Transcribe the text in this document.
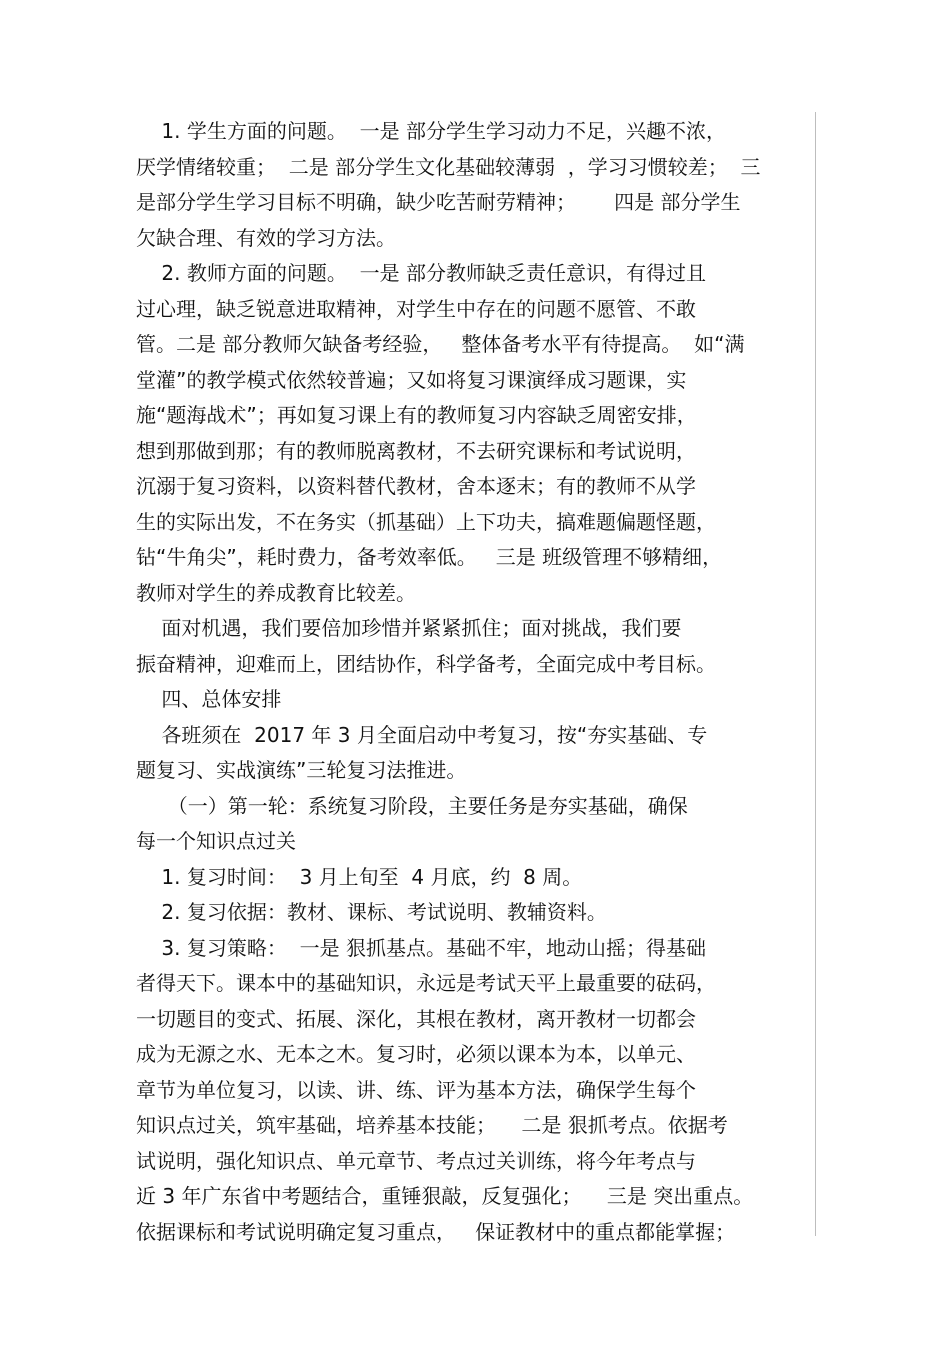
1. 学生方面的问题。  一是 部分学生学习动力不足，兴趣不浓，
厌学情绪较重；  二是 部分学生文化基础较薄弱  ，学习习惯较差；  三
是部分学生学习目标不明确，缺少吃苦耐劳精神；      四是 部分学生
欠缺合理、有效的学习方法。
2. 教师方面的问题。  一是 部分教师缺乏责任意识，有得过且
过心理，缺乏锐意进取精神，对学生中存在的问题不愿管、不敢
管。二是 部分教师欠缺备考经验，   整体备考水平有待提高。  如“满
堂灌”的教学模式依然较普遍；又如将复习课演绎成习题课，实
施“题海战术”；再如复习课上有的教师复习内容缺乏周密安排，
想到那做到那；有的教师脱离教材，不去研究课标和考试说明，
沉溺于复习资料，以资料替代教材，舍本逐末；有的教师不从学
生的实际出发，不在务实（抓基础）上下功夫，搞难题偏题怪题，
钻“牛角尖”，耗时费力，备考效率低。   三是 班级管理不够精细，
教师对学生的养成教育比较差。
面对机遇，我们要倍加珍惜并紧紧抓住；面对挑战，我们要
振奋精神，迎难而上，团结协作，科学备考，全面完成中考目标。
四、总体安排
各班须在  2017 年 3 月全面启动中考复习，按“夯实基础、专
题复习、实战演练”三轮复习法推进。
（一）第一轮：系统复习阶段，主要任务是夯实基础，确保
每一个知识点过关
1. 复习时间：  3 月上旬至  4 月底，约  8 周。
2. 复习依据：教材、课标、考试说明、教辅资料。
3. 复习策略：  一是 狠抓基点。基础不牢，地动山摇；得基础
者得天下。课本中的基础知识，永远是考试天平上最重要的砝码，
一切题目的变式、拓展、深化，其根在教材，离开教材一切都会
成为无源之水、无本之木。复习时，必须以课本为本，以单元、
章节为单位复习，以读、讲、练、评为基本方法，确保学生每个
知识点过关，筑牢基础，培养基本技能；    二是 狠抓考点。依据考
试说明，强化知识点、单元章节、考点过关训练，将今年考点与
近 3 年广东省中考题结合，重锤狠敲，反复强化；    三是 突出重点。
依据课标和考试说明确定复习重点，   保证教材中的重点都能掌握；
